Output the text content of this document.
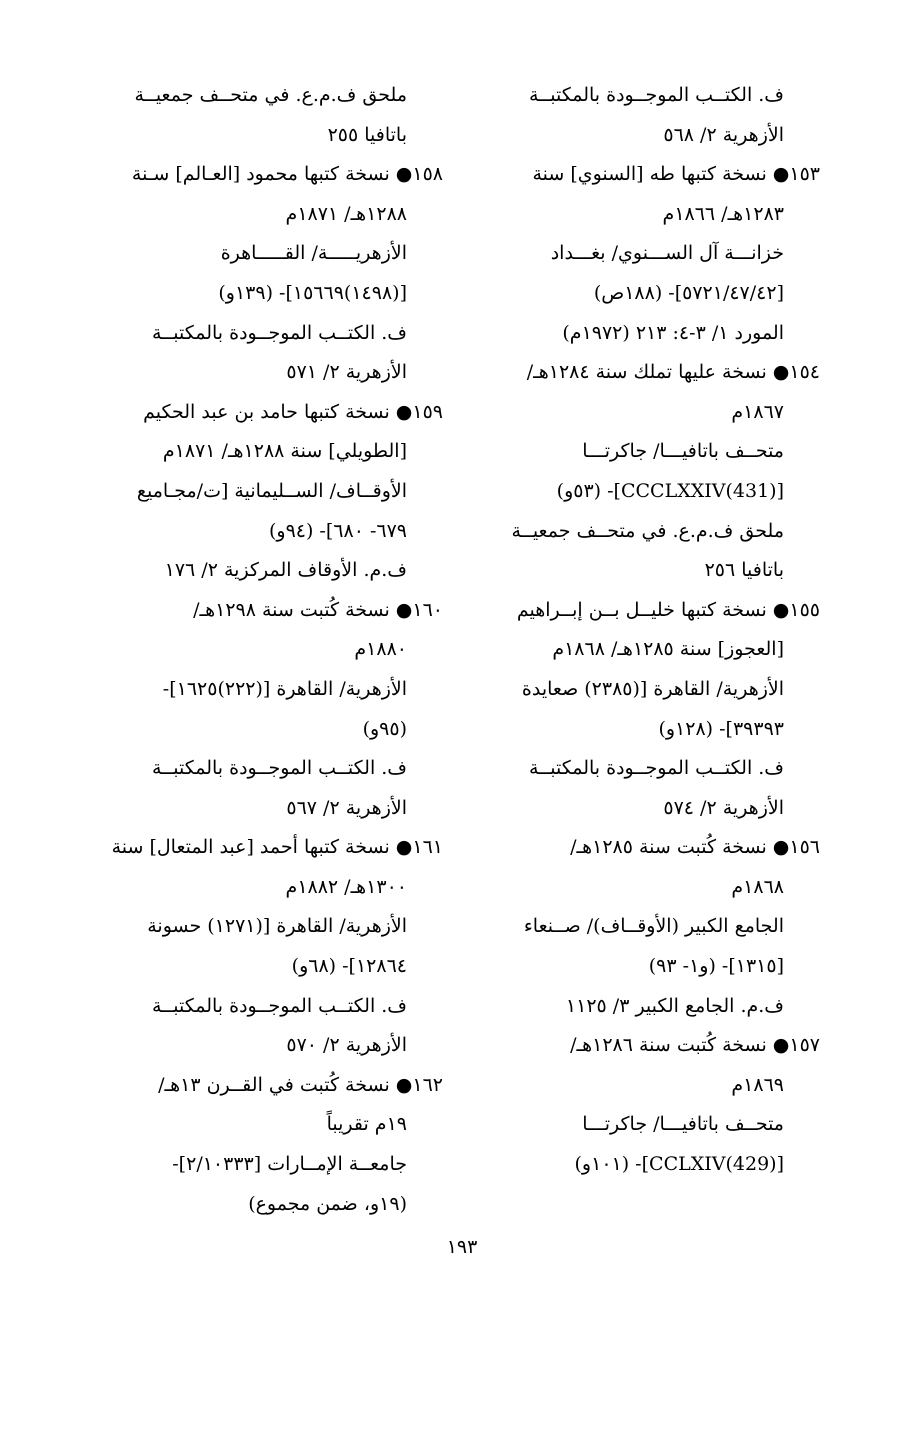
ف. الكتــب الموجــودة بالمكتبــة
الأزهرية ٢/ ٥٦٨
١٥٣● نسخة كتبها طه [السنوي] سنة
١٢٨٣هـ/ ١٨٦٦م
خزانـــة آل الســـنوي/ بغـــداد
[٥٧٢١/٤٧/٤٢]- (١٨٨ص)
المورد ١/ ٣-٤: ٢١٣ (١٩٧٢م)
١٥٤● نسخة عليها تملك سنة ١٢٨٤هـ/
١٨٦٧م
متحــف باتافيـــا/ جاكرتـــا
[CCCLXXIV(431)]- (٥٣و)
ملحق ف.م.ع. في متحــف جمعيــة
باتافيا ٢٥٦
١٥٥● نسخة كتبها خليــل بــن إبــراهيم
[العجوز] سنة ١٢٨٥هـ/ ١٨٦٨م
الأزهرية/ القاهرة [(٢٣٨٥) صعايدة
٣٩٣٩٣]- (١٢٨و)
ف. الكتــب الموجــودة بالمكتبــة
الأزهرية ٢/ ٥٧٤
١٥٦● نسخة كُتبت سنة ١٢٨٥هـ/
١٨٦٨م
الجامع الكبير (الأوقــاف)/ صــنعاء
[١٣١٥]- (و١- ٩٣)
ف.م. الجامع الكبير ٣/ ١١٢٥
١٥٧● نسخة كُتبت سنة ١٢٨٦هـ/
١٨٦٩م
متحــف باتافيـــا/ جاكرتـــا
[CCLXIV(429)]- (١٠١و)
ملحق ف.م.ع. في متحــف جمعيــة
باتافيا ٢٥٥
١٥٨● نسخة كتبها محمود [العـالم] سـنة
١٢٨٨هـ/ ١٨٧١م
الأزهريـــــة/ القـــــاهرة
[(١٤٩٨)١٥٦٦٩]- (١٣٩و)
ف. الكتــب الموجــودة بالمكتبــة
الأزهرية ٢/ ٥٧١
١٥٩● نسخة كتبها حامد بن عبد الحكيم
[الطويلي] سنة ١٢٨٨هـ/ ١٨٧١م
الأوقــاف/ الســليمانية [ت/مجـاميع
٦٧٩- ٦٨٠]- (٩٤و)
ف.م. الأوقاف المركزية ٢/ ١٧٦
١٦٠● نسخة كُتبت سنة ١٢٩٨هـ/
١٨٨٠م
الأزهرية/ القاهرة [(٢٢٢)١٦٢٥]-
(٩٥و)
ف. الكتــب الموجــودة بالمكتبــة
الأزهرية ٢/ ٥٦٧
١٦١● نسخة كتبها أحمد [عبد المتعال] سنة
١٣٠٠هـ/ ١٨٨٢م
الأزهرية/ القاهرة [(١٢٧١) حسونة
١٢٨٦٤]- (٦٨و)
ف. الكتــب الموجــودة بالمكتبــة
الأزهرية ٢/ ٥٧٠
١٦٢● نسخة كُتبت في القــرن ١٣هـ/
١٩م تقريباً
جامعــة الإمــارات [٢/١٠٣٣٣]-
(١٩و، ضمن مجموع)
١٩٣
